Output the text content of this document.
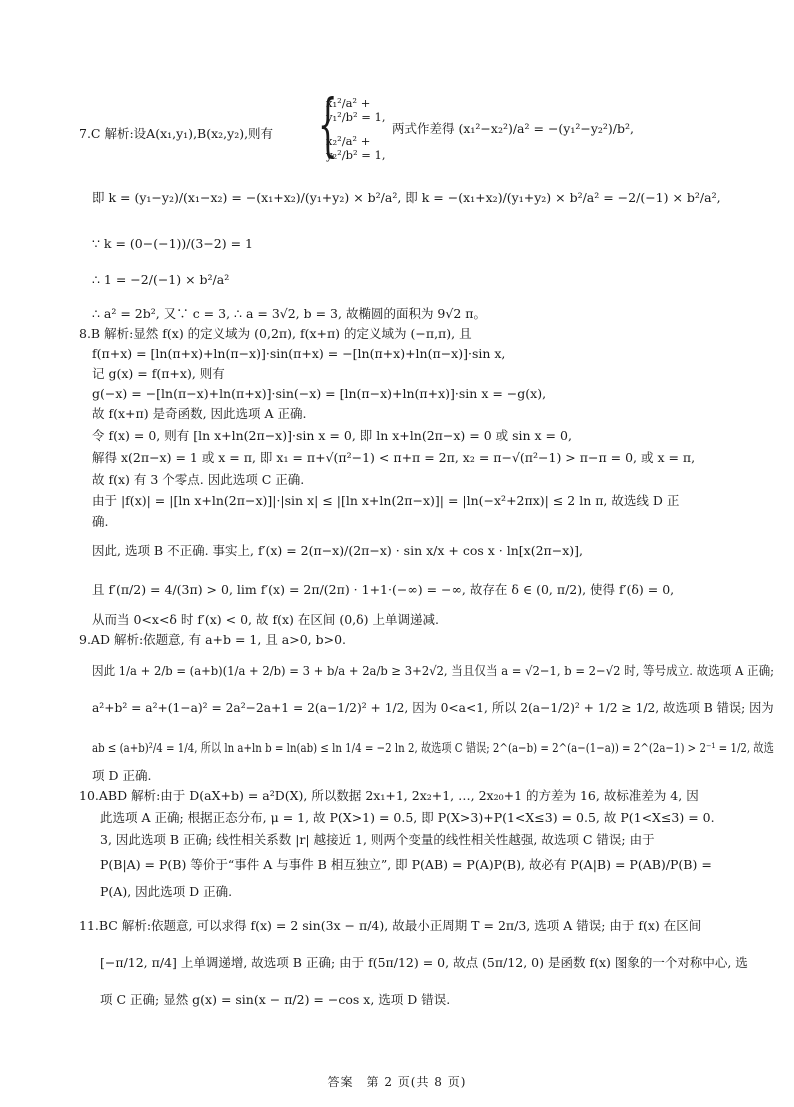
7.C 解析:设A(x₁,y₁),B(x₂,y₂),则有 {
x₁²/a² + y₁²/b² = 1,
x₂²/a² + y₂²/b² = 1,
两式作差得 (x₁²−x₂²)/a² = −(y₁²−y₂²)/b²,
即 k = (y₁−y₂)/(x₁−x₂) = −(x₁+x₂)/(y₁+y₂) × b²/a², 即 k = −(x₁+x₂)/(y₁+y₂) × b²/a² = −2/(−1) × b²/a²,
∵ k = (0−(−1))/(3−2) = 1
∴ 1 = −2/(−1) × b²/a²
∴ a² = 2b², 又∵ c = 3, ∴ a = 3√2, b = 3, 故椭圆的面积为 9√2 π。
8.B 解析:显然 f(x) 的定义域为 (0,2π), f(x+π) 的定义域为 (−π,π), 且
f(π+x) = [ln(π+x)+ln(π−x)]·sin(π+x) = −[ln(π+x)+ln(π−x)]·sin x,
记 g(x) = f(π+x), 则有
g(−x) = −[ln(π−x)+ln(π+x)]·sin(−x) = [ln(π−x)+ln(π+x)]·sin x = −g(x),
故 f(x+π) 是奇函数, 因此选项 A 正确.
令 f(x) = 0, 则有 [ln x+ln(2π−x)]·sin x = 0, 即 ln x+ln(2π−x) = 0 或 sin x = 0,
解得 x(2π−x) = 1 或 x = π, 即 x₁ = π+√(π²−1) < π+π = 2π, x₂ = π−√(π²−1) > π−π = 0, 或 x = π,
故 f(x) 有 3 个零点. 因此选项 C 正确.
由于 |f(x)| = |[ln x+ln(2π−x)]|·|sin x| ≤ |[ln x+ln(2π−x)]| = |ln(−x²+2πx)| ≤ 2 ln π, 故选线 D 正
确.
因此, 选项 B 不正确. 事实上, f′(x) = 2(π−x)/(2π−x) · sin x/x + cos x · ln[x(2π−x)],
且 f′(π/2) = 4/(3π) > 0, lim f′(x) = 2π/(2π) · 1+1·(−∞) = −∞, 故存在 δ ∈ (0, π/2), 使得 f′(δ) = 0,
从而当 0<x<δ 时 f′(x) < 0, 故 f(x) 在区间 (0,δ) 上单调递减.
9.AD 解析:依题意, 有 a+b = 1, 且 a>0, b>0.
因此 1/a + 2/b = (a+b)(1/a + 2/b) = 3 + b/a + 2a/b ≥ 3+2√2, 当且仅当 a = √2−1, b = 2−√2 时, 等号成立. 故选项 A 正确;
a²+b² = a²+(1−a)² = 2a²−2a+1 = 2(a−1/2)² + 1/2, 因为 0<a<1, 所以 2(a−1/2)² + 1/2 ≥ 1/2, 故选项 B 错误; 因为
ab ≤ (a+b)²/4 = 1/4, 所以 ln a+ln b = ln(ab) ≤ ln 1/4 = −2 ln 2, 故选项 C 错误; 2^(a−b) = 2^(a−(1−a)) = 2^(2a−1) > 2⁻¹ = 1/2, 故选
项 D 正确.
10.ABD 解析:由于 D(aX+b) = a²D(X), 所以数据 2x₁+1, 2x₂+1, …, 2x₂₀+1 的方差为 16, 故标准差为 4, 因
此选项 A 正确; 根据正态分布, μ = 1, 故 P(X>1) = 0.5, 即 P(X>3)+P(1<X≤3) = 0.5, 故 P(1<X≤3) = 0.
3, 因此选项 B 正确; 线性相关系数 |r| 越接近 1, 则两个变量的线性相关性越强, 故选项 C 错误; 由于
P(B|A) = P(B) 等价于“事件 A 与事件 B 相互独立”, 即 P(AB) = P(A)P(B), 故必有 P(A|B) = P(AB)/P(B) =
P(A), 因此选项 D 正确.
11.BC 解析:依题意, 可以求得 f(x) = 2 sin(3x − π/4), 故最小正周期 T = 2π/3, 选项 A 错误; 由于 f(x) 在区间
[−π/12, π/4] 上单调递增, 故选项 B 正确; 由于 f(5π/12) = 0, 故点 (5π/12, 0) 是函数 f(x) 图象的一个对称中心, 选
项 C 正确; 显然 g(x) = sin(x − π/2) = −cos x, 选项 D 错误.
答案　第 2 页(共 8 页)
